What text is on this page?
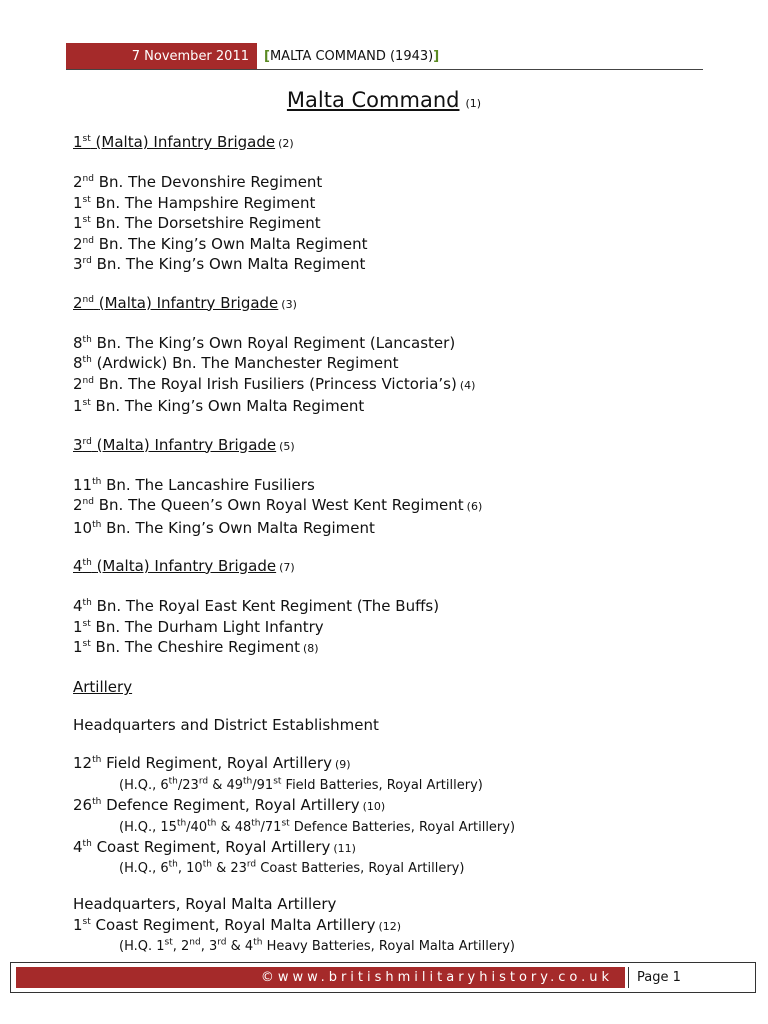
7 November 2011	[MALTA COMMAND (1943)]
Malta Command (1)
1st (Malta) Infantry Brigade (2)
2nd Bn. The Devonshire Regiment
1st Bn. The Hampshire Regiment
1st Bn. The Dorsetshire Regiment
2nd Bn. The King’s Own Malta Regiment
3rd Bn. The King’s Own Malta Regiment
2nd (Malta) Infantry Brigade (3)
8th Bn. The King’s Own Royal Regiment (Lancaster)
8th (Ardwick) Bn. The Manchester Regiment
2nd Bn. The Royal Irish Fusiliers (Princess Victoria’s) (4)
1st Bn. The King’s Own Malta Regiment
3rd (Malta) Infantry Brigade (5)
11th Bn. The Lancashire Fusiliers
2nd Bn. The Queen’s Own Royal West Kent Regiment (6)
10th Bn. The King’s Own Malta Regiment
4th (Malta) Infantry Brigade (7)
4th Bn. The Royal East Kent Regiment (The Buffs)
1st Bn. The Durham Light Infantry
1st Bn. The Cheshire Regiment (8)
Artillery
Headquarters and District Establishment
12th Field Regiment, Royal Artillery (9)
(H.Q., 6th/23rd & 49th/91st Field Batteries, Royal Artillery)
26th Defence Regiment, Royal Artillery (10)
(H.Q., 15th/40th & 48th/71st Defence Batteries, Royal Artillery)
4th Coast Regiment, Royal Artillery (11)
(H.Q., 6th, 10th & 23rd Coast Batteries, Royal Artillery)
Headquarters, Royal Malta Artillery
1st Coast Regiment, Royal Malta Artillery (12)
(H.Q. 1st, 2nd, 3rd & 4th Heavy Batteries, Royal Malta Artillery)
©www.britishmilitaryhistory.co.uk	Page 1
